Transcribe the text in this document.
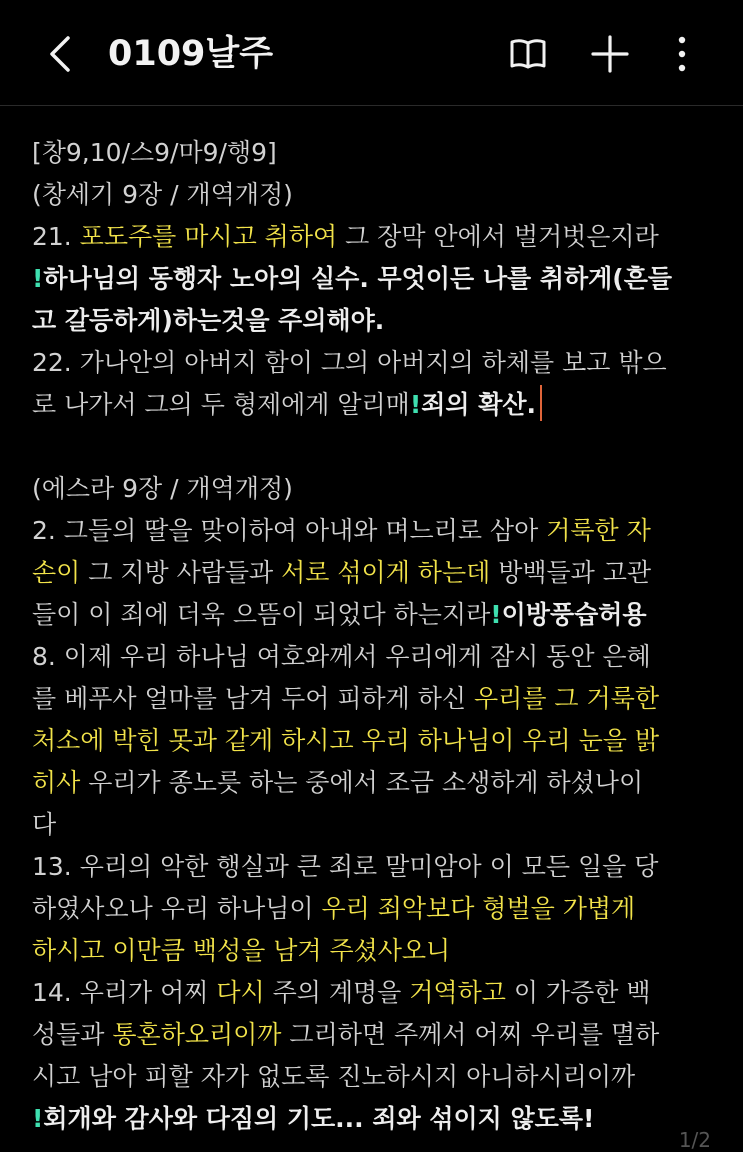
0109날주
[창9,10/스9/마9/행9]
(창세기 9장 / 개역개정)
21. 포도주를 마시고 취하여 그 장막 안에서 벌거벗은지라
!하나님의 동행자 노아의 실수. 무엇이든 나를 취하게(흔들
고 갈등하게)하는것을 주의해야.
22. 가나안의 아버지 함이 그의 아버지의 하체를 보고 밖으
로 나가서 그의 두 형제에게 알리매!죄의 확산.
(에스라 9장 / 개역개정)
2. 그들의 딸을 맞이하여 아내와 며느리로 삼아 거룩한 자
손이 그 지방 사람들과 서로 섞이게 하는데 방백들과 고관
들이 이 죄에 더욱 으뜸이 되었다 하는지라!이방풍습허용
8. 이제 우리 하나님 여호와께서 우리에게 잠시 동안 은혜
를 베푸사 얼마를 남겨 두어 피하게 하신 우리를 그 거룩한
처소에 박힌 못과 같게 하시고 우리 하나님이 우리 눈을 밝
히사 우리가 종노릇 하는 중에서 조금 소생하게 하셨나이
다
13. 우리의 악한 행실과 큰 죄로 말미암아 이 모든 일을 당
하였사오나 우리 하나님이 우리 죄악보다 형벌을 가볍게
하시고 이만큼 백성을 남겨 주셨사오니
14. 우리가 어찌 다시 주의 계명을 거역하고 이 가증한 백
성들과 통혼하오리이까 그리하면 주께서 어찌 우리를 멸하
시고 남아 피할 자가 없도록 진노하시지 아니하시리이까
!회개와 감사와 다짐의 기도... 죄와 섞이지 않도록!
1/2
